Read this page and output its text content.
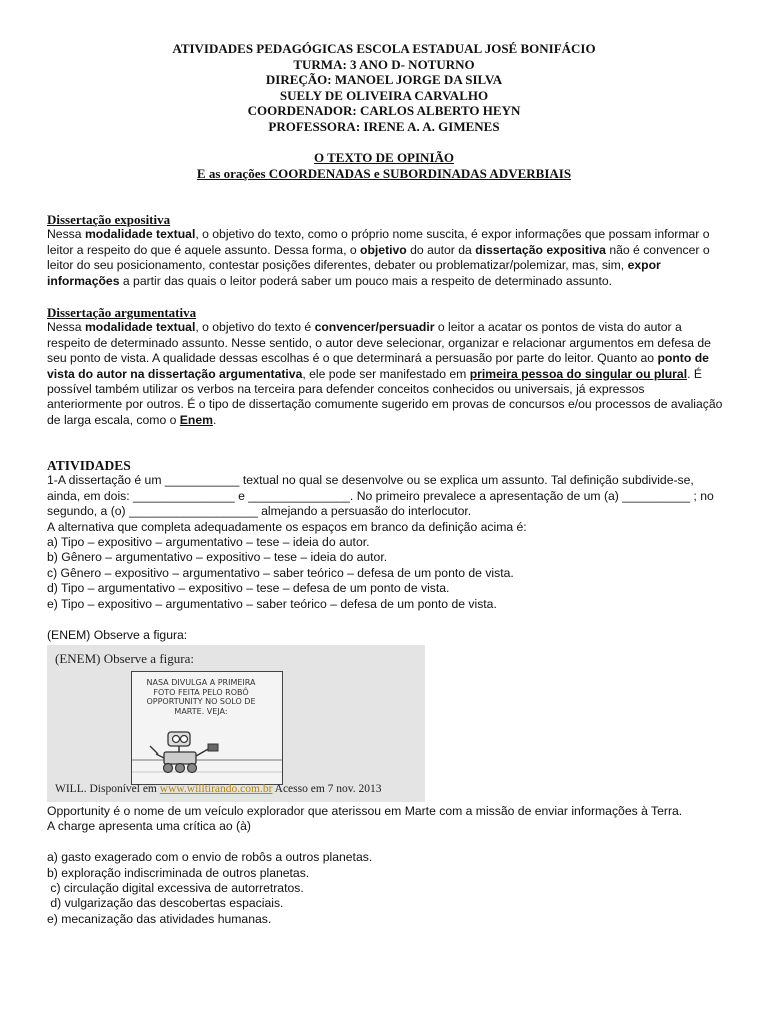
ATIVIDADES PEDAGÓGICAS ESCOLA ESTADUAL JOSÉ BONIFÁCIO

TURMA: 3 ANO D- NOTURNO

DIREÇÃO: MANOEL JORGE DA SILVA

SUELY DE OLIVEIRA CARVALHO

COORDENADOR: CARLOS ALBERTO HEYN

PROFESSORA: IRENE A. A. GIMENES

O TEXTO DE OPINIÃO

E as orações COORDENADAS e SUBORDINADAS ADVERBIAIS

Dissertação expositiva

Nessa modalidade textual, o objetivo do texto, como o próprio nome suscita, é expor informações que possam informar o leitor a respeito do que é aquele assunto. Dessa forma, o objetivo do autor da dissertação expositiva não é convencer o leitor do seu posicionamento, contestar posições diferentes, debater ou problematizar/polemizar, mas, sim, expor informações a partir das quais o leitor poderá saber um pouco mais a respeito de determinado assunto.

Dissertação argumentativa

Nessa modalidade textual, o objetivo do texto é convencer/persuadir o leitor a acatar os pontos de vista do autor a respeito de determinado assunto. Nesse sentido, o autor deve selecionar, organizar e relacionar argumentos em defesa de seu ponto de vista. A qualidade dessas escolhas é o que determinará a persuasão por parte do leitor. Quanto ao ponto de vista do autor na dissertação argumentativa, ele pode ser manifestado em primeira pessoa do singular ou plural. É possível também utilizar os verbos na terceira para defender conceitos conhecidos ou universais, já expressos anteriormente por outros. É o tipo de dissertação comumente sugerido em provas de concursos e/ou processos de avaliação de larga escala, como o Enem.

ATIVIDADES

1-A dissertação é um ___________ textual no qual se desenvolve ou se explica um assunto. Tal definição subdivide-se, ainda, em dois: _______________ e _______________. No primeiro prevalece a apresentação de um (a) __________ ; no segundo, a (o) ___________________ almejando a persuasão do interlocutor.

A alternativa que completa adequadamente os espaços em branco da definição acima é:

a) Tipo – expositivo – argumentativo – tese – ideia do autor.

b) Gênero – argumentativo – expositivo – tese – ideia do autor.

c) Gênero – expositivo – argumentativo – saber teórico – defesa de um ponto de vista.

d) Tipo – argumentativo – expositivo – tese – defesa de um ponto de vista.

e) Tipo – expositivo – argumentativo – saber teórico – defesa de um ponto de vista.

(ENEM) Observe a figura:

(ENEM) Observe a figura:
NASA DIVULGA A PRIMEIRA FOTO FEITA PELO ROBÔ OPPORTUNITY NO SOLO DE MARTE. VEJA:
WILL. Disponível em www.willtirando.com.br Acesso em 7 nov. 2013

Opportunity é o nome de um veículo explorador que aterissou em Marte com a missão de enviar informações à Terra.

A charge apresenta uma crítica ao (à)

a) gasto exagerado com o envio de robôs a outros planetas.

b) exploração indiscriminada de outros planetas.

c) circulação digital excessiva de autorretratos.

d) vulgarização das descobertas espaciais.

e) mecanização das atividades humanas.
